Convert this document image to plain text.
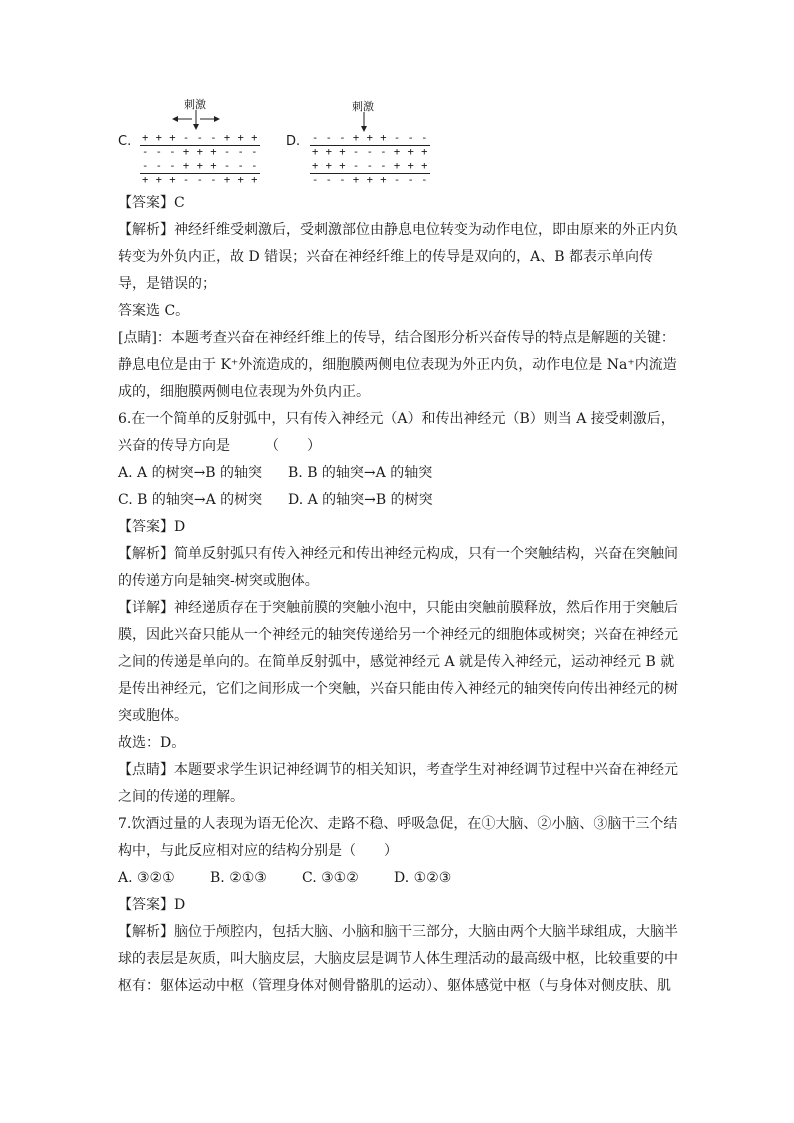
C.
刺激
+ + + - - - + + +
- - - + + + - - -
- - - + + + - - -
+ + + - - - + + +
D.
刺激
- - - + + + - - -
+ + + - - - + + +
+ + + - - - + + +
- - - + + + - - -

【答案】C

【解析】神经纤维受刺激后，受刺激部位由静息电位转变为动作电位，即由原来的外正内负转变为外负内正，故 D 错误；兴奋在神经纤维上的传导是双向的，A、B 都表示单向传导，是错误的；

答案选 C。

[点睛]：本题考查兴奋在神经纤维上的传导，结合图形分析兴奋传导的特点是解题的关键：静息电位是由于 K⁺外流造成的，细胞膜两侧电位表现为外正内负，动作电位是 Na⁺内流造成的，细胞膜两侧电位表现为外负内正。

6.在一个简单的反射弧中，只有传入神经元（A）和传出神经元（B）则当 A 接受刺激后，兴奋的传导方向是　　　（　　）

A. A 的树突→B 的轴突	B. B 的轴突→A 的轴突
C. B 的轴突→A 的树突	D. A 的轴突→B 的树突

【答案】D

【解析】简单反射弧只有传入神经元和传出神经元构成，只有一个突触结构，兴奋在突触间的传递方向是轴突-树突或胞体。

【详解】神经递质存在于突触前膜的突触小泡中，只能由突触前膜释放，然后作用于突触后膜，因此兴奋只能从一个神经元的轴突传递给另一个神经元的细胞体或树突；兴奋在神经元之间的传递是单向的。在简单反射弧中，感觉神经元 A 就是传入神经元，运动神经元 B 就是传出神经元，它们之间形成一个突触，兴奋只能由传入神经元的轴突传向传出神经元的树突或胞体。

故选：D。

【点睛】本题要求学生识记神经调节的相关知识，考查学生对神经调节过程中兴奋在神经元之间的传递的理解。

7.饮酒过量的人表现为语无伦次、走路不稳、呼吸急促，在①大脑、②小脑、③脑干三个结构中，与此反应相对应的结构分别是（　　）

A. ③②①	B. ②①③	C. ③①②	D. ①②③

【答案】D

【解析】脑位于颅腔内，包括大脑、小脑和脑干三部分，大脑由两个大脑半球组成，大脑半球的表层是灰质，叫大脑皮层，大脑皮层是调节人体生理活动的最高级中枢，比较重要的中枢有：躯体运动中枢（管理身体对侧骨骼肌的运动）、躯体感觉中枢（与身体对侧皮肤、肌
